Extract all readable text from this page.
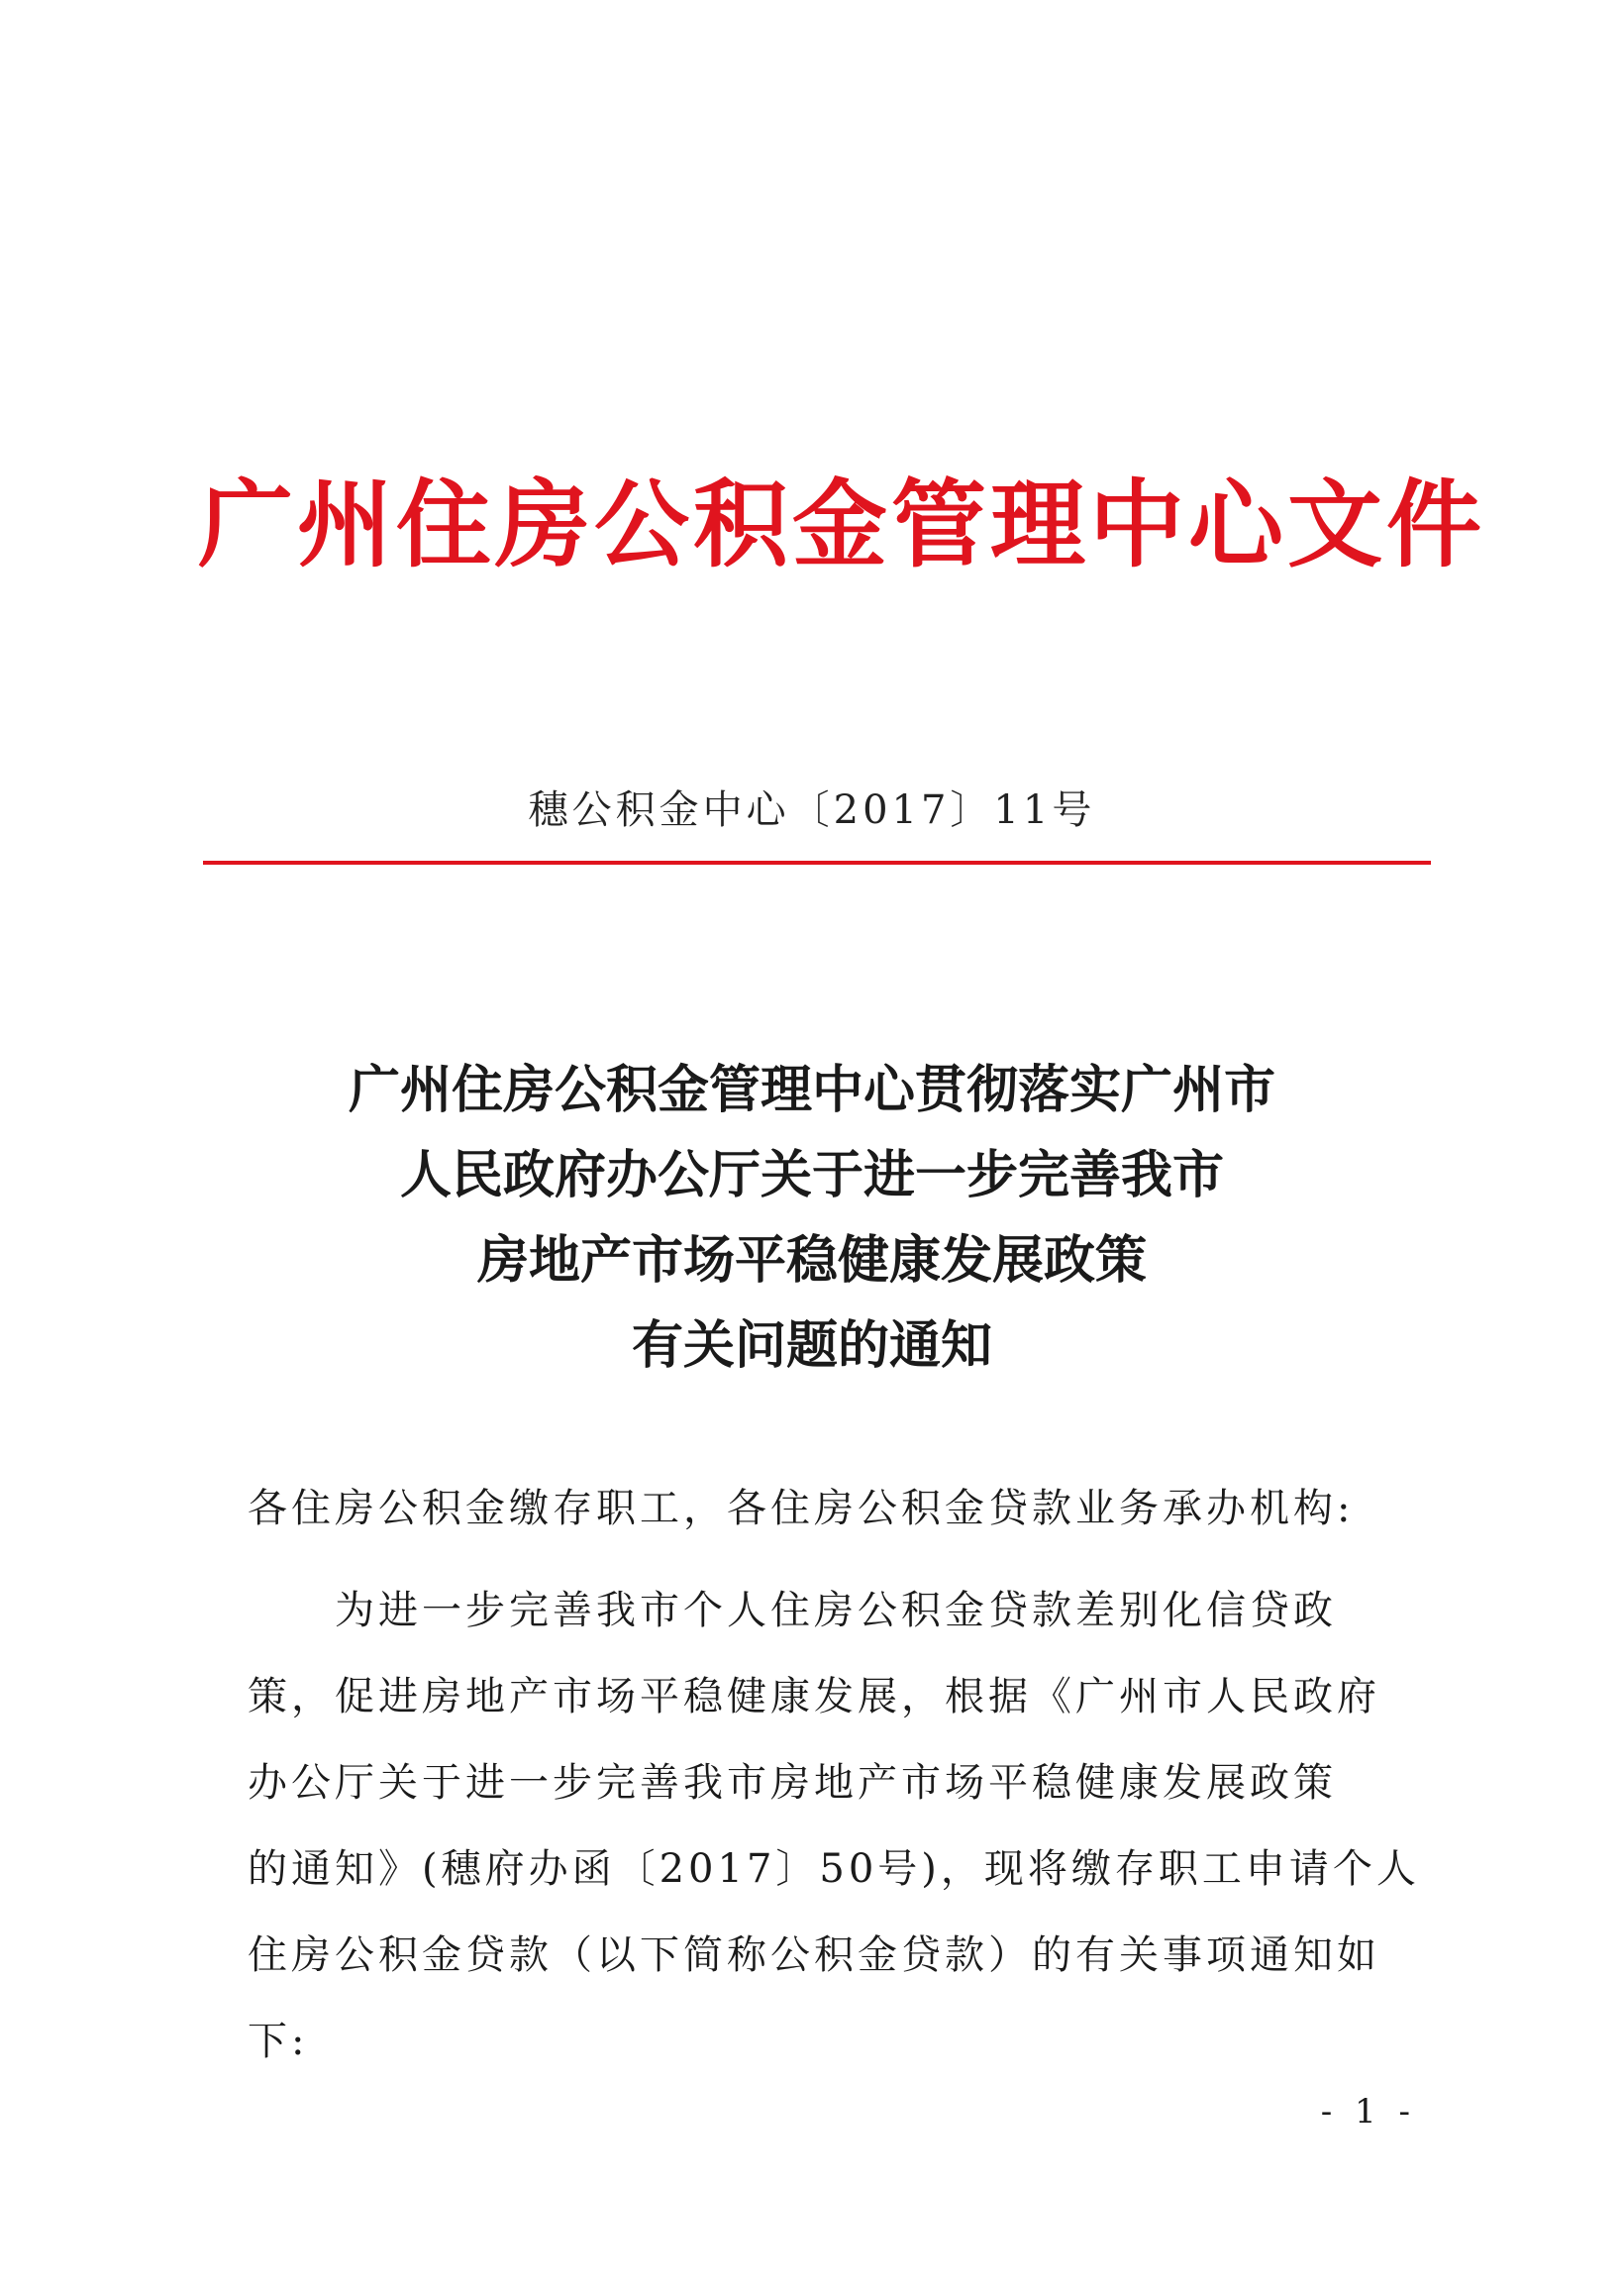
广州住房公积金管理中心文件
穗公积金中心〔2017〕11号
广州住房公积金管理中心贯彻落实广州市
人民政府办公厅关于进一步完善我市
房地产市场平稳健康发展政策
有关问题的通知
各住房公积金缴存职工，各住房公积金贷款业务承办机构:
为进一步完善我市个人住房公积金贷款差别化信贷政
策，促进房地产市场平稳健康发展，根据《广州市人民政府
办公厅关于进一步完善我市房地产市场平稳健康发展政策
的通知》(穗府办函〔2017〕50号)，现将缴存职工申请个人
住房公积金贷款（以下简称公积金贷款）的有关事项通知如
下:
- 1 -
